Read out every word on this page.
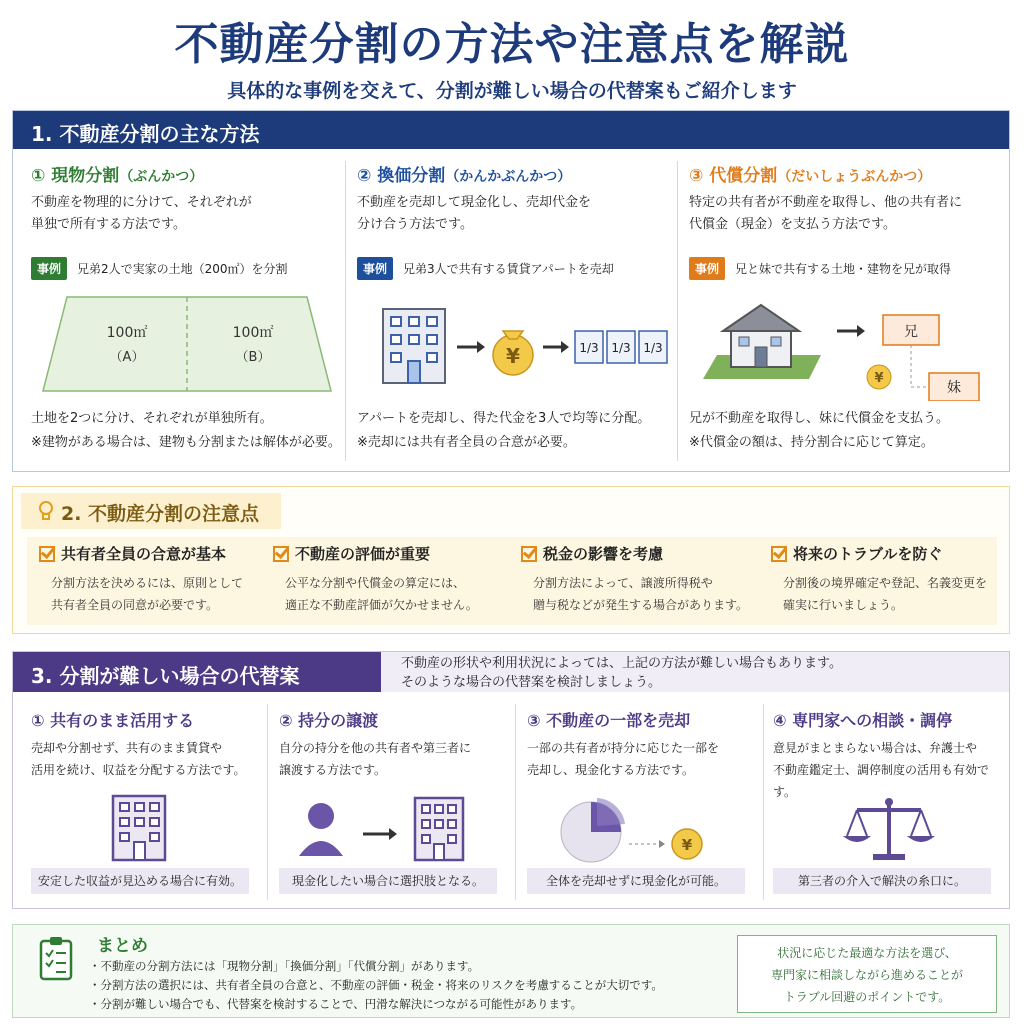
不動産分割の方法や注意点を解説
具体的な事例を交えて、分割が難しい場合の代替案もご紹介します
1. 不動産分割の主な方法
① 現物分割（ぶんかつ）
不動産を物理的に分けて、それぞれが
単独で所有する方法です。
事例	兄弟2人で実家の土地（200㎡）を分割
100㎡
（A）
100㎡
（B）
土地を2つに分け、それぞれが単独所有。
※建物がある場合は、建物も分割または解体が必要。
② 換価分割（かんかぶんかつ）
不動産を売却して現金化し、売却代金を
分け合う方法です。
事例	兄弟3人で共有する賃貸アパートを売却
¥	1/3 1/3 1/3
アパートを売却し、得た代金を3人で均等に分配。
※売却には共有者全員の合意が必要。
③ 代償分割（だいしょうぶんかつ）
特定の共有者が不動産を取得し、他の共有者に
代償金（現金）を支払う方法です。
事例	兄と妹で共有する土地・建物を兄が取得
兄
¥
妹
兄が不動産を取得し、妹に代償金を支払う。
※代償金の額は、持分割合に応じて算定。
2. 不動産分割の注意点
共有者全員の合意が基本
分割方法を決めるには、原則として
共有者全員の同意が必要です。
不動産の評価が重要
公平な分割や代償金の算定には、
適正な不動産評価が欠かせません。
税金の影響を考慮
分割方法によって、譲渡所得税や
贈与税などが発生する場合があります。
将来のトラブルを防ぐ
分割後の境界確定や登記、名義変更を
確実に行いましょう。
3. 分割が難しい場合の代替案
不動産の形状や利用状況によっては、上記の方法が難しい場合もあります。
そのような場合の代替案を検討しましょう。
① 共有のまま活用する
売却や分割せず、共有のまま賃貸や
活用を続け、収益を分配する方法です。
安定した収益が見込める場合に有効。
② 持分の譲渡
自分の持分を他の共有者や第三者に
譲渡する方法です。
現金化したい場合に選択肢となる。
③ 不動産の一部を売却
一部の共有者が持分に応じた一部を
売却し、現金化する方法です。
¥
全体を売却せずに現金化が可能。
④ 専門家への相談・調停
意見がまとまらない場合は、弁護士や
不動産鑑定士、調停制度の活用も有効です。
第三者の介入で解決の糸口に。
まとめ
・ 不動産の分割方法には「現物分割」「換価分割」「代償分割」があります。
・ 分割方法の選択には、共有者全員の合意と、不動産の評価・税金・将来のリスクを考慮することが大切です。
・ 分割が難しい場合でも、代替案を検討することで、円滑な解決につながる可能性があります。
状況に応じた最適な方法を選び、
専門家に相談しながら進めることが
トラブル回避のポイントです。
